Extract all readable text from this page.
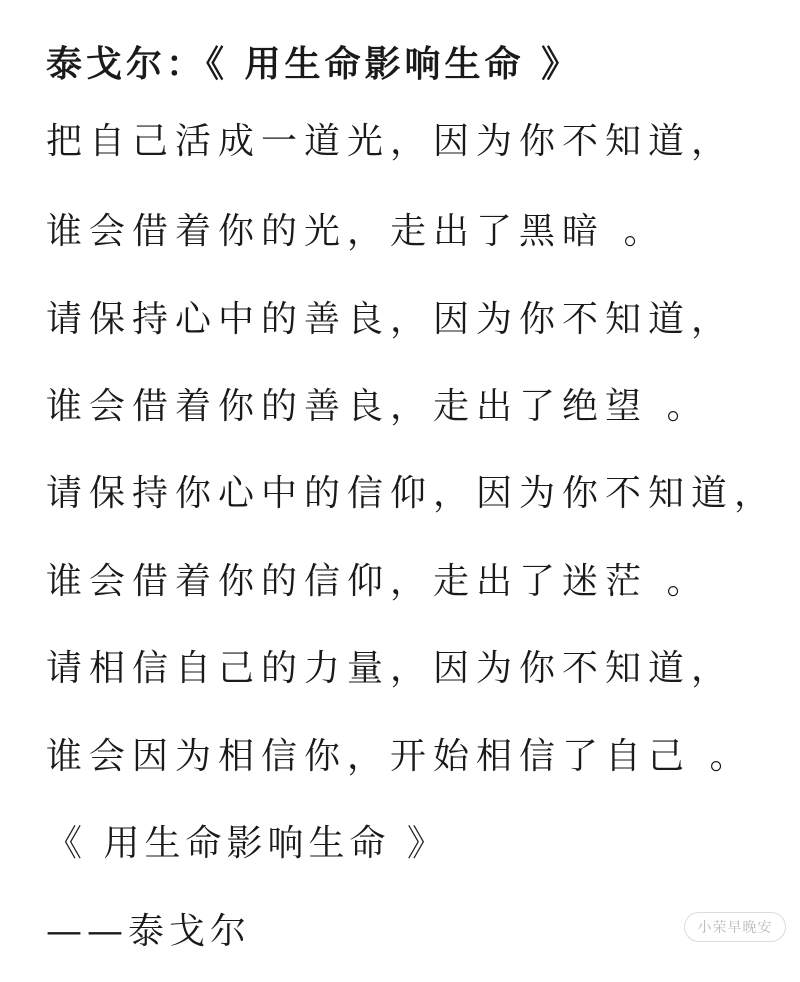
泰戈尔：《 用生命影响生命 》
把自己活成一道光，因为你不知道，
谁会借着你的光，走出了黑暗 。
请保持心中的善良，因为你不知道，
谁会借着你的善良，走出了绝望 。
请保持你心中的信仰，因为你不知道，
谁会借着你的信仰，走出了迷茫 。
请相信自己的力量，因为你不知道，
谁会因为相信你，开始相信了自己 。
《 用生命影响生命 》
——泰戈尔	小荣早晚安
